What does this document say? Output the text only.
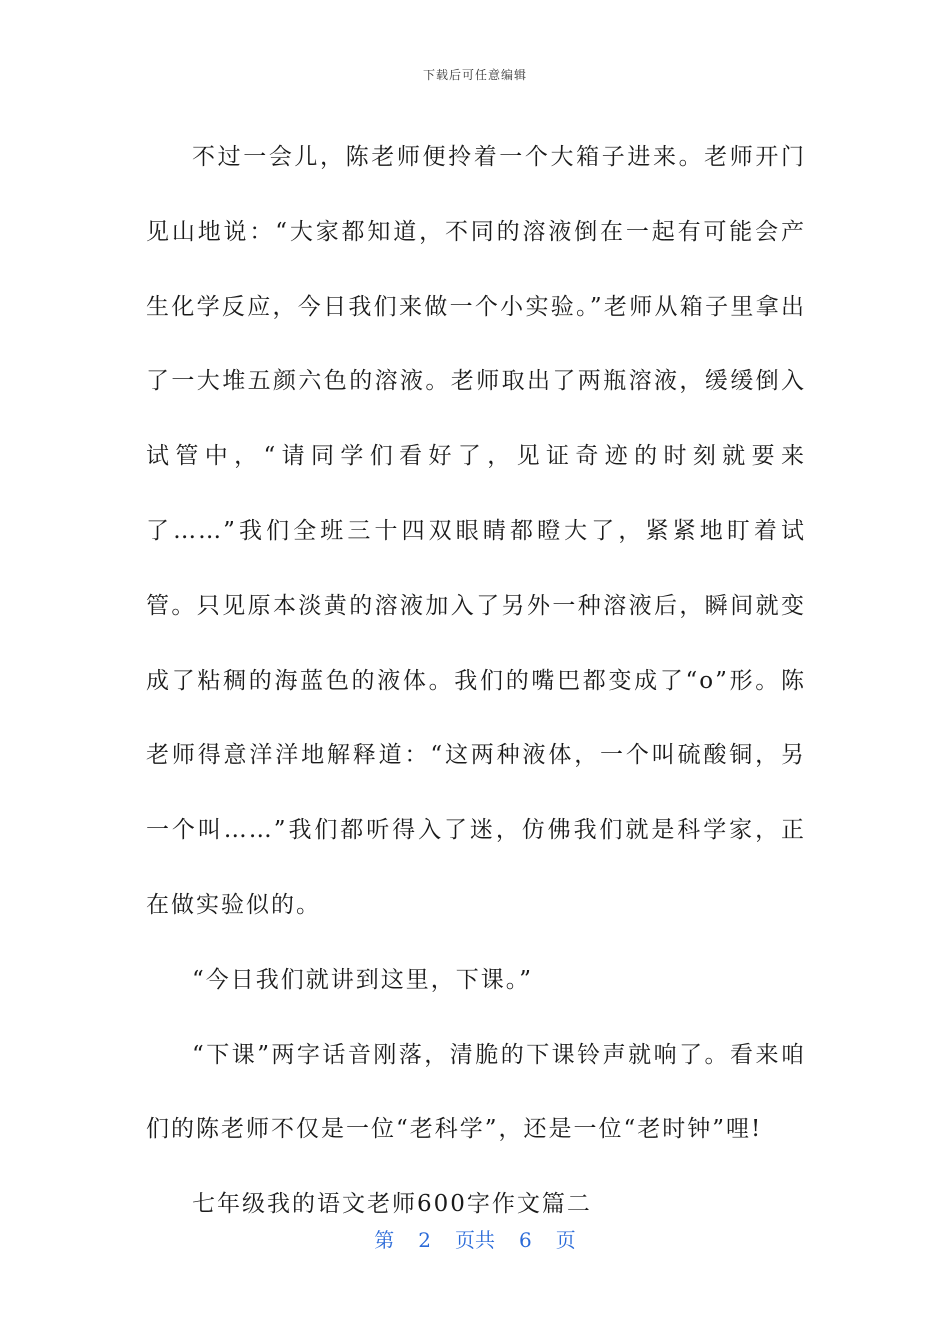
下载后可任意编辑

不过一会儿，陈老师便拎着一个大箱子进来。老师开门见山地说：“大家都知道，不同的溶液倒在一起有可能会产生化学反应，今日我们来做一个小实验。”老师从箱子里拿出了一大堆五颜六色的溶液。老师取出了两瓶溶液，缓缓倒入试管中，“请同学们看好了，见证奇迹的时刻就要来了……”我们全班三十四双眼睛都瞪大了，紧紧地盯着试管。只见原本淡黄的溶液加入了另外一种溶液后，瞬间就变成了粘稠的海蓝色的液体。我们的嘴巴都变成了“o”形。陈老师得意洋洋地解释道：“这两种液体，一个叫硫酸铜，另一个叫……”我们都听得入了迷，仿佛我们就是科学家，正在做实验似的。

“今日我们就讲到这里，下课。”

“下课”两字话音刚落，清脆的下课铃声就响了。看来咱们的陈老师不仅是一位“老科学”，还是一位“老时钟”哩!

七年级我的语文老师600字作文篇二

第 2 页共 6 页
